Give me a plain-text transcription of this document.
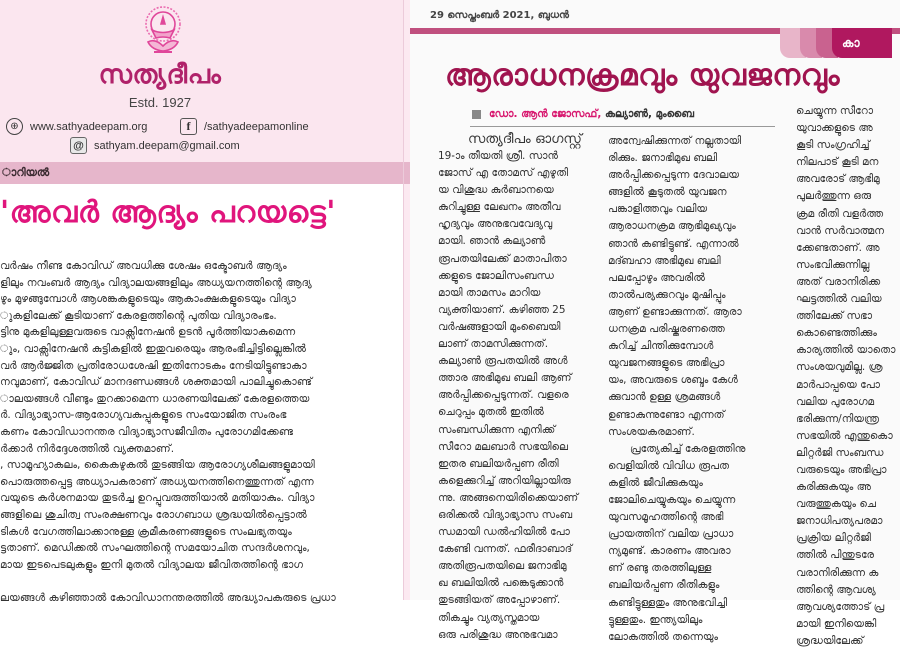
സത്യദീപം
Estd. 1927
⊕	www.sathyadeepam.org	f	/sathyadeepamonline
@ sathyam.deepam@gmail.com
ാറിയൽ
'അവർ ആദ്യം പറയട്ടെ'

വർഷം നീണ്ട കോവിഡ് അവധിക്കു ശേഷം ഒക്ടോബർ ആദ്യം

ളിലും നവംബർ ആദ്യം വിദ്യാലയങ്ങളിലും അധ്യയനത്തിന്റെ ആദ്യ

ഴും മുഴങ്ങുമ്പോൾ ആശങ്കകളുടെയും ആകാംക്ഷകളുടെയും വിദ്യാ

ുകളിലേക്ക് കൂടിയാണ് കേരളത്തിന്റെ പുതിയ വിദ്യാരംഭം.

ട്ടിനു മുകളിലുള്ളവരുടെ വാക്സിനേഷൻ ഉടൻ പൂർത്തിയാകുമെന്ന

ും, വാക്സിനേഷൻ കുട്ടികളിൽ ഇതുവരെയും ആരംഭിച്ചിട്ടില്ലെങ്കിൽ

വർ ആർജ്ജിത പ്രതിരോധശേഷി ഇതിനോടകം നേടിയിട്ടുണ്ടാകാ

നവുമാണ്, കോവിഡ് മാനദണ്ഡങ്ങൾ ശക്തമായി പാലിച്ചുകൊണ്ട്

ാലയങ്ങൾ വീണ്ടും തുറക്കാമെന്ന ധാരണയിലേക്ക് കേരളത്തെയ

ർ. വിദ്യാഭ്യാസ-ആരോഗ്യവകുപ്പുകളുടെ സംയോജിത സംരംഭ

കണം കോവിഡാനന്തര വിദ്യാഭ്യാസജീവിതം പുരോഗമിക്കേണ്ട

ർക്കാർ നിർദ്ദേശത്തിൽ വ്യക്തമാണ്.

, സാമൂഹ്യാകലം, കൈകഴുകൽ തുടങ്ങിയ ആരോഗ്യശീലങ്ങളുമായി

പൊരുത്തപ്പെട്ട അധ്യാപകരാണ് അധ്യയനത്തിനെത്തുന്നത് എന്ന

വയുടെ കർശനമായ തുടർച്ച ഉറപ്പുവരുത്തിയാൽ മതിയാകും. വിദ്യാ

ങ്ങളിലെ ശുചിത്വ സംരക്ഷണവും രോഗബാധ ശ്രദ്ധയിൽപ്പെട്ടാൽ

ടികൾ വേഗത്തിലാക്കാനുള്ള ക്രമീകരണങ്ങളുടെ സംലഭ്യതയും

ട്ടതാണ്. മെഡിക്കൽ സംഘത്തിന്റെ സമയോചിത സന്ദർശനവും,

മായ ഇടപെടലുകളും ഇനി മുതൽ വിദ്യാലയ ജീവിതത്തിന്റെ ഭാഗ

ലയങ്ങൾ കഴിഞ്ഞാൽ കോവിഡാനന്തരത്തിൽ അദ്ധ്യാപകരുടെ പ്രധാ

29 സെപ്തംബർ 2021, ബുധൻ
കാ
ആരാധനക്രമവും യുവജനവും
ഡോ. ആൻ ജോസഫ്,
കല്യാൺ, മുംബൈ

സത്യദീപം ഓഗസ്റ്റ്

19-ാം തീയതി ശ്രീ. സാൻ

ജോസ് എ തോമസ് എഴുതി

യ വിശുദ്ധ കുർബാനയെ

കുറിച്ചുള്ള ലേഖനം അതീവ

ഹൃദ്യവും അനുഭവവേദ്യവു

മായി. ഞാൻ കല്യാൺ

രൂപതയിലേക്ക് മാതാപിതാ

ക്കളുടെ ജോലിസംബന്ധ

മായി താമസം മാറിയ

വ്യക്തിയാണ്. കഴിഞ്ഞ 25

വർഷങ്ങളായി മുംബൈയി

ലാണ് താമസിക്കുന്നത്.

കല്യാൺ രൂപതയിൽ അൾ

ത്താര അഭിമുഖ ബലി ആണ്

അർപ്പിക്കപ്പെടുന്നത്. വളരെ

ചെറുപ്പം മുതൽ ഇതിൽ

സംബന്ധിക്കുന്ന എനിക്ക്

സീറോ മലബാർ സഭയിലെ

ഇതര ബലിയർപ്പണ രീതി

കളെക്കുറിച്ച് അറിയില്ലായിരു

ന്നു. അങ്ങനെയിരിക്കെയാണ്

ഒരിക്കൽ വിദ്യാഭ്യാസ സംബ

ന്ധമായി ഡൽഹിയിൽ പോ

കേണ്ടി വന്നത്. ഫരീദാബാദ്

അതിരൂപതയിലെ ജനാഭിമു

ഖ ബലിയിൽ പങ്കെടുക്കാൻ

തുടങ്ങിയത് അപ്പോഴാണ്.

തികച്ചും വ്യത്യസ്തമായ

ഒരു പരിശുദ്ധ അനുഭവമാ

അന്വേഷിക്കുന്നത് നല്ലതായി

രിക്കും. ജനാഭിമുഖ ബലി

അർപ്പിക്കപ്പെടുന്ന ദേവാലയ

ങ്ങളിൽ കൂടുതൽ യുവജന

പങ്കാളിത്തവും വലിയ

ആരാധനക്രമ ആഭിമുഖ്യവും

ഞാൻ കണ്ടിട്ടുണ്ട്. എന്നാൽ

മദ്ബഹാ അഭിമുഖ ബലി

പലപ്പോഴും അവരിൽ

താൽപര്യക്കുറവും മുഷിപ്പും

ആണ് ഉണ്ടാക്കുന്നത്. ആരാ

ധനക്രമ പരിഷ്കരണത്തെ

കുറിച്ച് ചിന്തിക്കുമ്പോൾ

യുവജനങ്ങളുടെ അഭിപ്രാ

യം, അവരുടെ ശബ്ദം കേൾ

ക്കുവാൻ ഉള്ള ശ്രമങ്ങൾ

ഉണ്ടാകുന്നുണ്ടോ എന്നത്

സംശയകരമാണ്.

പ്രത്യേകിച്ച് കേരളത്തിനു

വെളിയിൽ വിവിധ രൂപത

കളിൽ ജീവിക്കുകയും

ജോലിചെയ്യുകയും ചെയ്യുന്ന

യുവസമൂഹത്തിന്റെ അഭി

പ്രായത്തിന് വലിയ പ്രാധാ

ന്യമുണ്ട്. കാരണം അവരാ

ണ് രണ്ടു തരത്തിലുള്ള

ബലിയർപ്പണ രീതികളും

കണ്ടിട്ടുള്ളതും അനുഭവിച്ചി

ട്ടുള്ളതും. ഇന്ത്യയിലും

ലോകത്തിൽ തന്നെയും

ചെയ്യുന്ന സീറോ

യുവാക്കളുടെ അ

കൂടി സംഗ്രഹിച്ച്

നിലപാട് കൂടി മന

അവരോട് ആഭിമു

പുലർത്തുന്ന ഒരു

ക്രമ രീതി വളർത്ത

വാൻ സർവാത്മന

ക്കേണ്ടതാണ്. അ

സംഭവിക്കുന്നില്ല

അത് വരാനിരിക്ക

ഘട്ടത്തിൽ വലിയ

ത്തിലേക്ക് സഭാ

കൊണ്ടെത്തിക്കും

കാര്യത്തിൽ യാതൊ

സംശയവുമില്ല. ശ്ര

മാർപാപ്പയെ പോ

വലിയ പുരോഗമ

ഭരിക്കുന്ന/നിയന്ത്ര

സഭയിൽ എന്തുകൊ

ലിറ്റർജി സംബന്ധ

വരുടെയും അഭിപ്രാ

കരിക്കുകയും അ

വരുത്തുകയും ചെ

ജനാധിപത്യപരമാ

പ്രക്രിയ ലിറ്റർജി

ത്തിൽ പിന്തുടരേ

വരാനിരിക്കുന്ന ക

ത്തിന്റെ ആവശ്യ

ആവശ്യത്തോട് പ്ര

മായി ഇനിയെങ്കി

ശ്രദ്ധയിലേക്ക്
